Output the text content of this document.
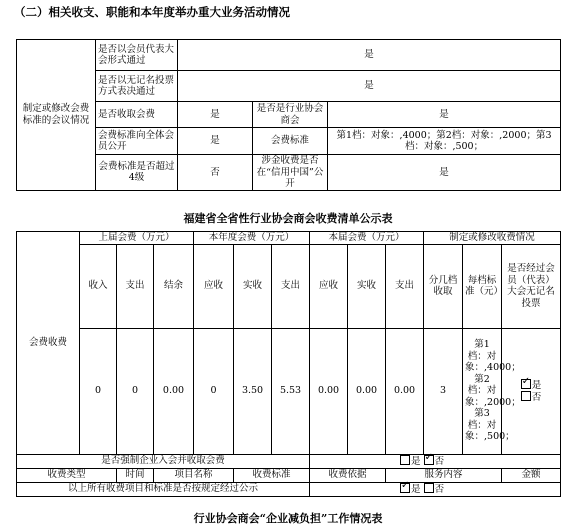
（二）相关收支、职能和本年度举办重大业务活动情况
制定或修改会费标准的会议情况	是否以会员代表大会形式通过	是		
	是否以无记名投票方式表决通过	是		
	是否收取会费	是	是否是行业协会商会	是
	会费标准向全体会员公开	是	会费标准	第1档：对象：,4000；第2档：对象：,2000；第3档：对象：,500；
	会费标准是否超过4级	否	涉金收费是否在“信用中国”公开	是
福建省全省性行业协会商会收费清单公示表
会费收费	上届会费（万元）			本年度会费（万元）			本届会费（万元）			制定或修改收费情况		
	收入	支出	结余	应收	实收	支出	应收	实收	支出	分几档收取	每档标准（元）	是否经过会员（代表）大会无记名投票
	0	0	0.00	0	3.50	5.53	0.00	0.00	0.00	3	第1档：对象：,4000；第2档：对象：,2000；第3档：对象：,500；	
✓是
否

是否强制企业入会并收取会费							是 ✓ 否
收费类型		时间	项目名称		收费标准		收费依据		服务内容			金额
以上所有收费项目和标准是否按规定经过公示	✓是 否
行业协会商会“企业减负担”工作情况表
